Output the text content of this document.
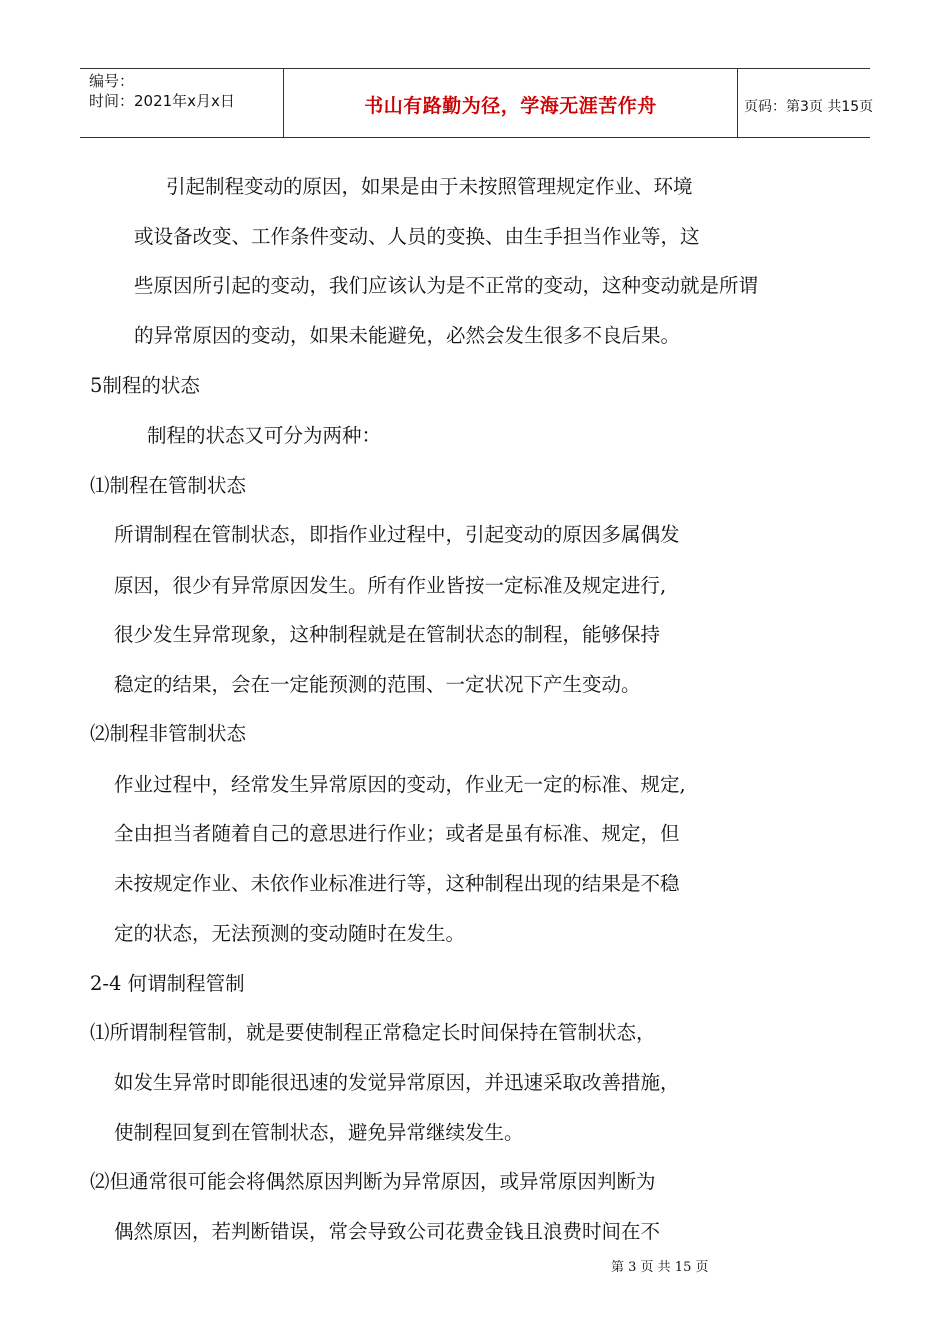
编号：
时间：2021年x月x日	书山有路勤为径，学海无涯苦作舟	页码：第3页 共15页
引起制程变动的原因，如果是由于未按照管理规定作业、环境
或设备改变、工作条件变动、人员的变换、由生手担当作业等，这
些原因所引起的变动，我们应该认为是不正常的变动，这种变动就是所谓
的异常原因的变动，如果未能避免，必然会发生很多不良后果。
5制程的状态
制程的状态又可分为两种：
⑴制程在管制状态
所谓制程在管制状态，即指作业过程中，引起变动的原因多属偶发
原因，很少有异常原因发生。所有作业皆按一定标准及规定进行,
很少发生异常现象，这种制程就是在管制状态的制程，能够保持
稳定的结果，会在一定能预测的范围、一定状况下产生变动。
⑵制程非管制状态
作业过程中，经常发生异常原因的变动，作业无一定的标准、规定,
全由担当者随着自己的意思进行作业；或者是虽有标准、规定，但
未按规定作业、未依作业标准进行等，这种制程出现的结果是不稳
定的状态，无法预测的变动随时在发生。
2-4 何谓制程管制
⑴所谓制程管制，就是要使制程正常稳定长时间保持在管制状态，
如发生异常时即能很迅速的发觉异常原因，并迅速采取改善措施，
使制程回复到在管制状态，避免异常继续发生。
⑵但通常很可能会将偶然原因判断为异常原因，或异常原因判断为
偶然原因，若判断错误，常会导致公司花费金钱且浪费时间在不
第 3 页 共 15 页
